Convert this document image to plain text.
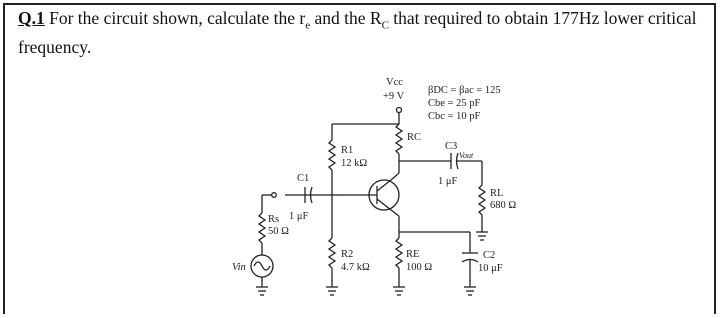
Q.1 For the circuit shown, calculate the $r_e$ and the $R_C$ that required to obtain 177Hz lower critical frequency.
Vcc
+9 V
βDC = βac = 125
Cbe = 25 pF
Cbc = 10 pF
RC
C3
Vout
1 μF
RL
680 Ω
R1
12 kΩ
C1
1 μF
Rs
50 Ω
Vin
R2
4.7 kΩ
RE
100 Ω
C2
10 μF
